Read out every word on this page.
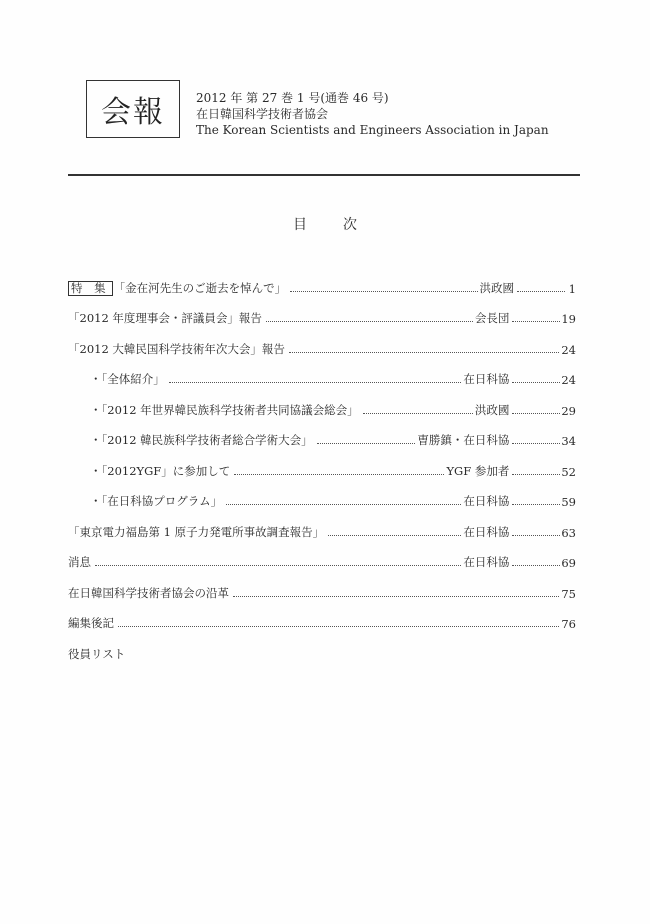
会報	2012 年 第 27 巻 1 号(通巻 46 号)
在日韓国科学技術者協会
The Korean Scientists and Engineers Association in Japan
目次
特 集 「金在河先生のご逝去を悼んで」	洪政國	1
「2012 年度理事会・評議員会」報告	会長団	19
「2012 大韓民国科学技術年次大会」報告	24
・「全体紹介」	在日科協	24
・「2012 年世界韓民族科学技術者共同協議会総会」	洪政國	29
・「2012 韓民族科学技術者総合学術大会」	曺勝鎮・在日科協	34
・「2012YGF」に参加して	YGF 参加者	52
・「在日科協プログラム」	在日科協	59
「東京電力福島第 1 原子力発電所事故調査報告」	在日科協	63
消息	在日科協	69
在日韓国科学技術者協会の沿革	75
編集後記	76
役員リスト
